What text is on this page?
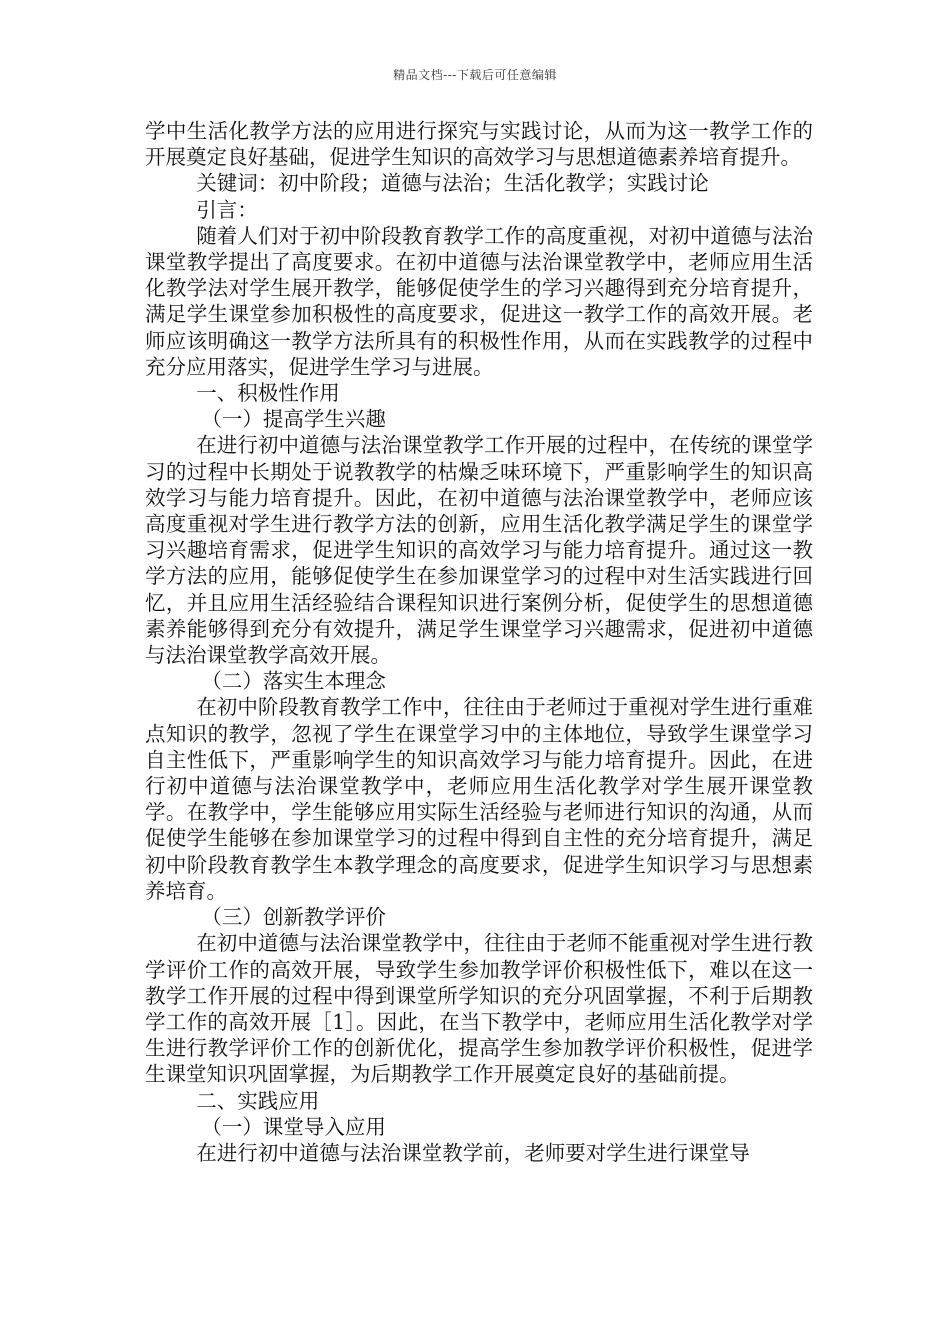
精品文档---下载后可任意编辑

学中生活化教学方法的应用进行探究与实践讨论，从而为这一教学工作的开展奠定良好基础，促进学生知识的高效学习与思想道德素养培育提升。

关键词：初中阶段；道德与法治；生活化教学；实践讨论

引言：

随着人们对于初中阶段教育教学工作的高度重视，对初中道德与法治课堂教学提出了高度要求。在初中道德与法治课堂教学中，老师应用生活化教学法对学生展开教学，能够促使学生的学习兴趣得到充分培育提升，满足学生课堂参加积极性的高度要求，促进这一教学工作的高效开展。老师应该明确这一教学方法所具有的积极性作用，从而在实践教学的过程中充分应用落实，促进学生学习与进展。

一、积极性作用

（一）提高学生兴趣

在进行初中道德与法治课堂教学工作开展的过程中，在传统的课堂学习的过程中长期处于说教教学的枯燥乏味环境下，严重影响学生的知识高效学习与能力培育提升。因此，在初中道德与法治课堂教学中，老师应该高度重视对学生进行教学方法的创新，应用生活化教学满足学生的课堂学习兴趣培育需求，促进学生知识的高效学习与能力培育提升。通过这一教学方法的应用，能够促使学生在参加课堂学习的过程中对生活实践进行回忆，并且应用生活经验结合课程知识进行案例分析，促使学生的思想道德素养能够得到充分有效提升，满足学生课堂学习兴趣需求，促进初中道德与法治课堂教学高效开展。

（二）落实生本理念

在初中阶段教育教学工作中，往往由于老师过于重视对学生进行重难点知识的教学，忽视了学生在课堂学习中的主体地位，导致学生课堂学习自主性低下，严重影响学生的知识高效学习与能力培育提升。因此，在进行初中道德与法治课堂教学中，老师应用生活化教学对学生展开课堂教学。在教学中，学生能够应用实际生活经验与老师进行知识的沟通，从而促使学生能够在参加课堂学习的过程中得到自主性的充分培育提升，满足初中阶段教育教学生本教学理念的高度要求，促进学生知识学习与思想素养培育。

（三）创新教学评价

在初中道德与法治课堂教学中，往往由于老师不能重视对学生进行教学评价工作的高效开展，导致学生参加教学评价积极性低下，难以在这一教学工作开展的过程中得到课堂所学知识的充分巩固掌握，不利于后期教学工作的高效开展［1］。因此，在当下教学中，老师应用生活化教学对学生进行教学评价工作的创新优化，提高学生参加教学评价积极性，促进学生课堂知识巩固掌握，为后期教学工作开展奠定良好的基础前提。

二、实践应用

（一）课堂导入应用

在进行初中道德与法治课堂教学前，老师要对学生进行课堂导
